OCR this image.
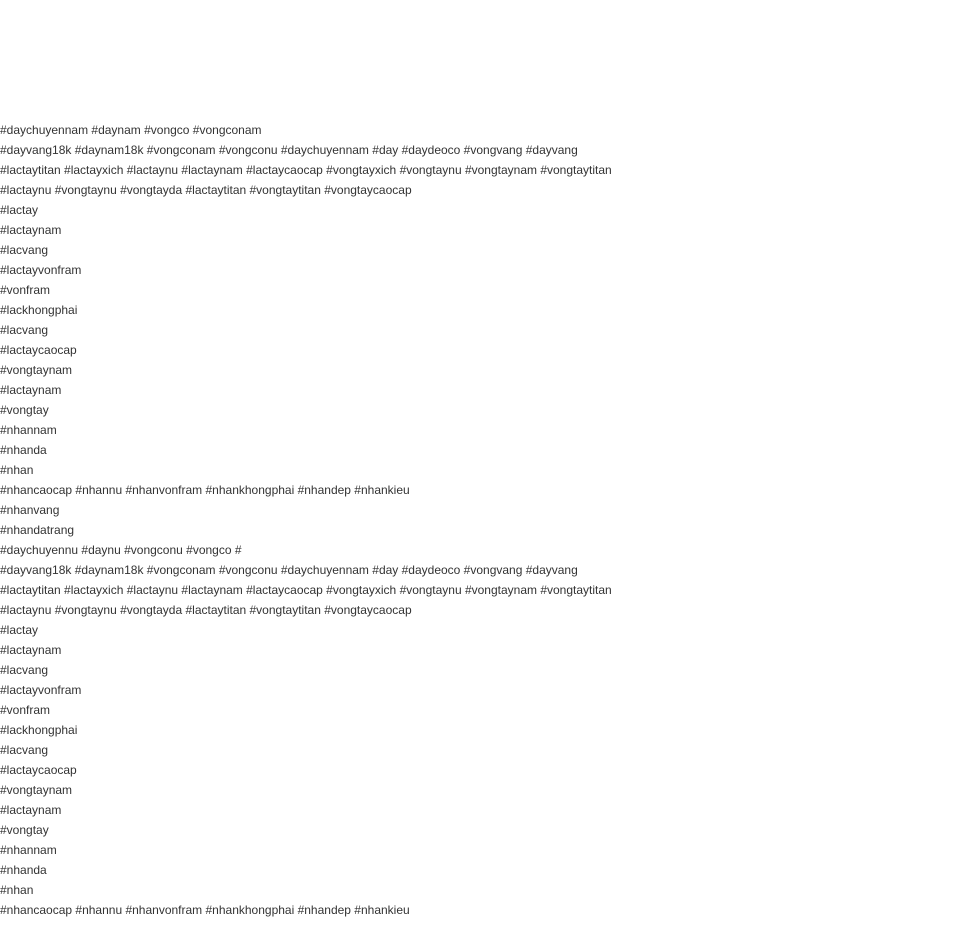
#daychuyennam #daynam #vongco #vongconam
#dayvang18k #daynam18k #vongconam #vongconu #daychuyennam #day #daydeoco #vongvang #dayvang
#lactaytitan #lactayxich #lactaynu #lactaynam #lactaycaocap #vongtayxich #vongtaynu #vongtaynam #vongtaytitan
#lactaynu #vongtaynu #vongtayda #lactaytitan #vongtaytitan #vongtaycaocap
#lactay
#lactaynam
#lacvang
#lactayvonfram
#vonfram
#lackhongphai
#lacvang
#lactaycaocap
#vongtaynam
#lactaynam
#vongtay
#nhannam
#nhanda
#nhan
#nhancaocap #nhannu #nhanvonfram #nhankhongphai #nhandep #nhankieu
#nhanvang
#nhandatrang
#daychuyennu #daynu #vongconu #vongco #
#dayvang18k #daynam18k #vongconam #vongconu #daychuyennam #day #daydeoco #vongvang #dayvang
#lactaytitan #lactayxich #lactaynu #lactaynam #lactaycaocap #vongtayxich #vongtaynu #vongtaynam #vongtaytitan
#lactaynu #vongtaynu #vongtayda #lactaytitan #vongtaytitan #vongtaycaocap
#lactay
#lactaynam
#lacvang
#lactayvonfram
#vonfram
#lackhongphai
#lacvang
#lactaycaocap
#vongtaynam
#lactaynam
#vongtay
#nhannam
#nhanda
#nhan
#nhancaocap #nhannu #nhanvonfram #nhankhongphai #nhandep #nhankieu
